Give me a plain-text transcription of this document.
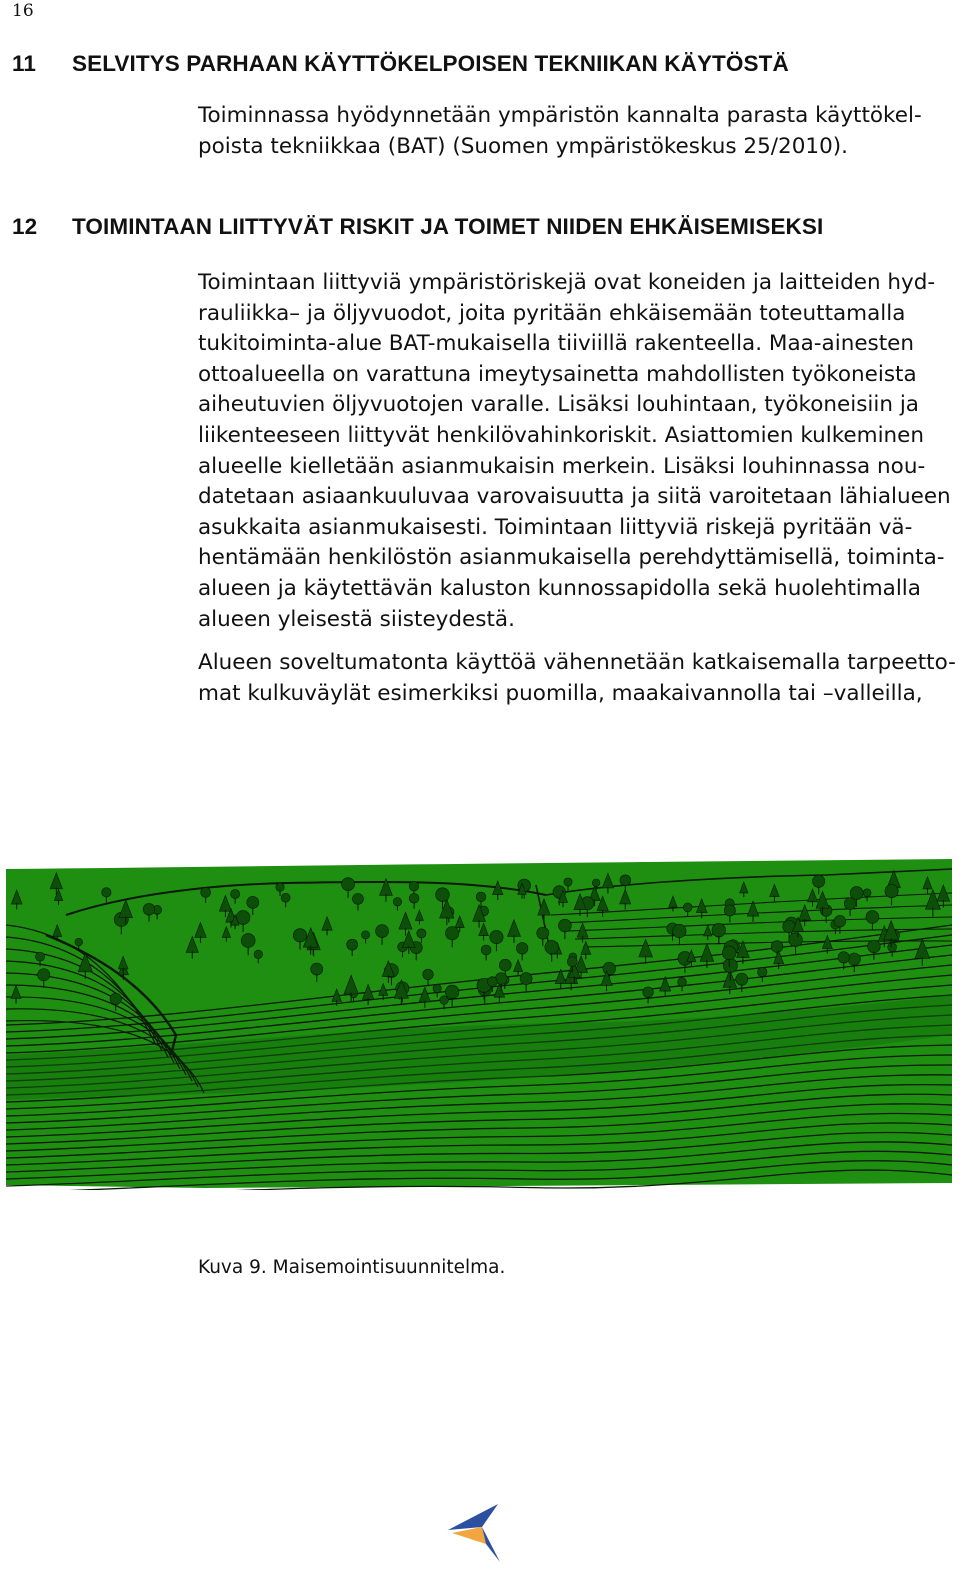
16
11 SELVITYS PARHAAN KÄYTTÖKELPOISEN TEKNIIKAN KÄYTÖSTÄ

Toiminnassa hyödynnetään ympäristön kannalta parasta käyttökel-
poista tekniikkaa (BAT) (Suomen ympäristökeskus 25/2010).

12 TOIMINTAAN LIITTYVÄT RISKIT JA TOIMET NIIDEN EHKÄISEMISEKSI

Toimintaan liittyviä ympäristöriskejä ovat koneiden ja laitteiden hyd-
rauliikka– ja öljyvuodot, joita pyritään ehkäisemään toteuttamalla
tukitoiminta-alue BAT-mukaisella tiiviillä rakenteella. Maa-ainesten
ottoalueella on varattuna imeytysainetta mahdollisten työkoneista
aiheutuvien öljyvuotojen varalle. Lisäksi louhintaan, työkoneisiin ja
liikenteeseen liittyvät henkilövahinkoriskit. Asiattomien kulkeminen
alueelle kielletään asianmukaisin merkein. Lisäksi louhinnassa nou-
datetaan asiaankuuluvaa varovaisuutta ja siitä varoitetaan lähialueen
asukkaita asianmukaisesti. Toimintaan liittyviä riskejä pyritään vä-
hentämään henkilöstön asianmukaisella perehdyttämisellä, toiminta-
alueen ja käytettävän kaluston kunnossapidolla sekä huolehtimalla
alueen yleisestä siisteydestä.

Alueen soveltumatonta käyttöä vähennetään katkaisemalla tarpeetto-
mat kulkuväylät esimerkiksi puomilla, maakaivannolla tai –valleilla,

Kuva 9. Maisemointisuunnitelma.
